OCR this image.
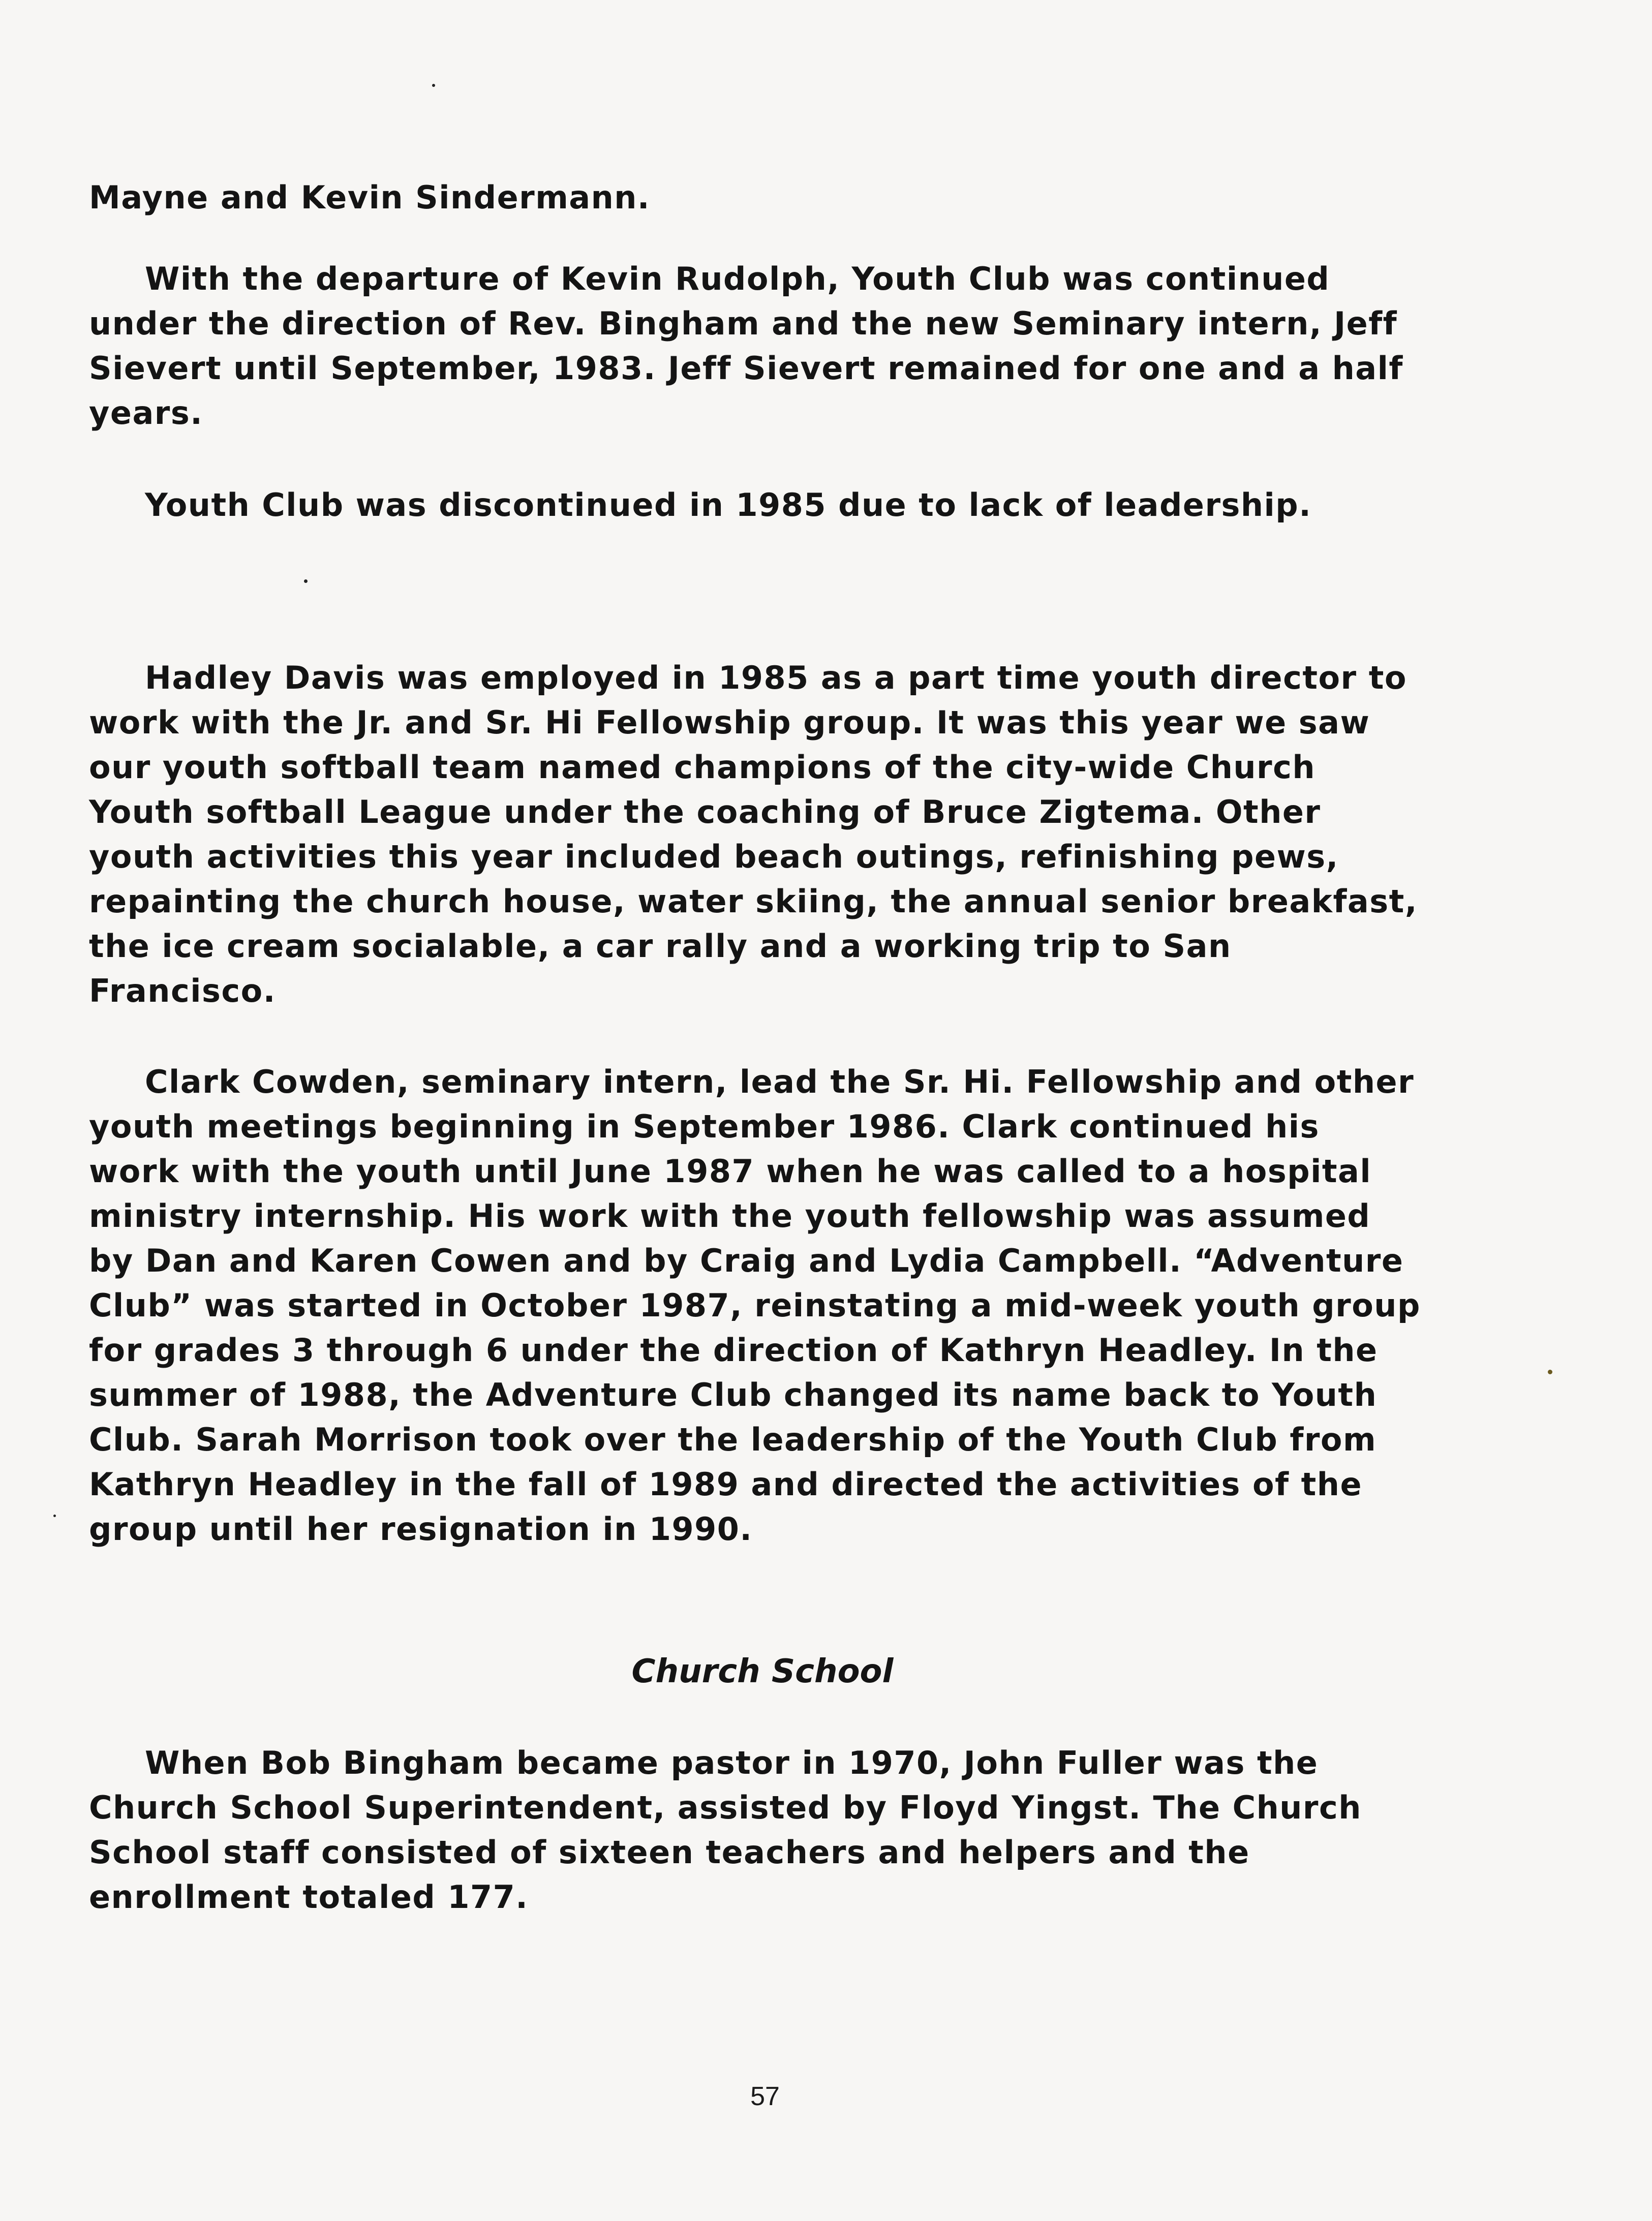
Mayne and Kevin Sindermann.

With the departure of Kevin Rudolph, Youth Club was continued under the direction of Rev. Bingham and the new Seminary intern, Jeff Sievert until September, 1983. Jeff Sievert remained for one and a half years.

Youth Club was discontinued in 1985 due to lack of leadership.

Hadley Davis was employed in 1985 as a part time youth director to work with the Jr. and Sr. Hi Fellowship group. It was this year we saw our youth softball team named champions of the city-wide Church Youth softball League under the coaching of Bruce Zigtema. Other youth activities this year included beach outings, refinishing pews, repainting the church house, water skiing, the annual senior breakfast, the ice cream socialable, a car rally and a working trip to San Francisco.

Clark Cowden, seminary intern, lead the Sr. Hi. Fellowship and other youth meetings beginning in September 1986. Clark continued his work with the youth until June 1987 when he was called to a hospital ministry internship. His work with the youth fellowship was assumed by Dan and Karen Cowen and by Craig and Lydia Campbell. “Adventure Club” was started in October 1987, reinstating a mid-week youth group for grades 3 through 6 under the direction of Kathryn Headley. In the summer of 1988, the Adventure Club changed its name back to Youth Club. Sarah Morrison took over the leadership of the Youth Club from Kathryn Headley in the fall of 1989 and directed the activities of the group until her resignation in 1990.

Church School

When Bob Bingham became pastor in 1970, John Fuller was the Church School Superintendent, assisted by Floyd Yingst. The Church School staff consisted of sixteen teachers and helpers and the enrollment totaled 177.

57
